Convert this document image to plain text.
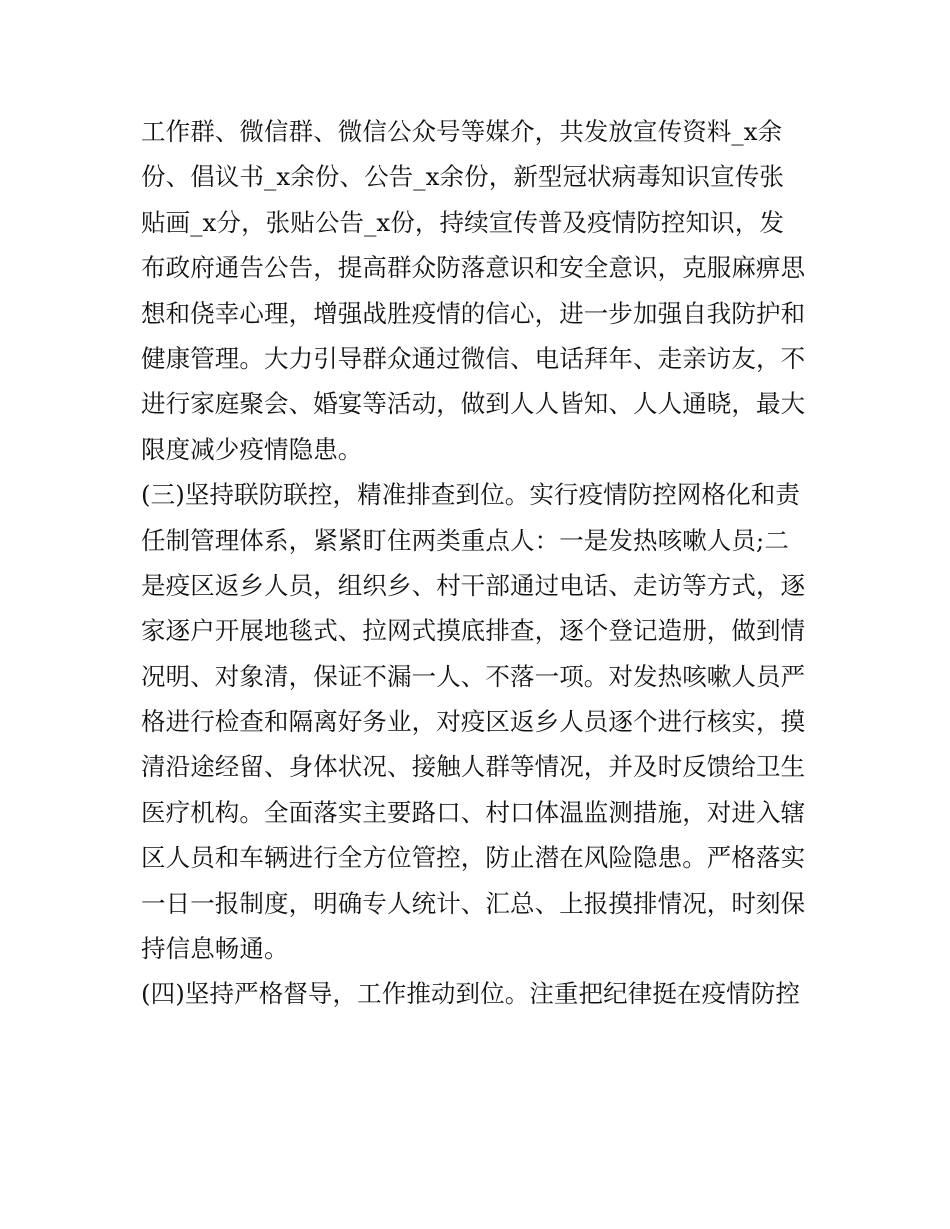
工作群、微信群、微信公众号等媒介，共发放宣传资料_x余
份、倡议书_x余份、公告_x余份，新型冠状病毒知识宣传张
贴画_x分，张贴公告_x份，持续宣传普及疫情防控知识，发
布政府通告公告，提高群众防落意识和安全意识，克服麻痹思
想和侥幸心理，增强战胜疫情的信心，进一步加强自我防护和
健康管理。大力引导群众通过微信、电话拜年、走亲访友，不
进行家庭聚会、婚宴等活动，做到人人皆知、人人通晓，最大
限度减少疫情隐患。
(三)坚持联防联控，精准排查到位。实行疫情防控网格化和责
任制管理体系，紧紧盯住两类重点人：一是发热咳嗽人员;二
是疫区返乡人员，组织乡、村干部通过电话、走访等方式，逐
家逐户开展地毯式、拉网式摸底排查，逐个登记造册，做到情
况明、对象清，保证不漏一人、不落一项。对发热咳嗽人员严
格进行检查和隔离好务业，对疫区返乡人员逐个进行核实，摸
清沿途经留、身体状况、接触人群等情况，并及时反馈给卫生
医疗机构。全面落实主要路口、村口体温监测措施，对进入辖
区人员和车辆进行全方位管控，防止潜在风险隐患。严格落实
一日一报制度，明确专人统计、汇总、上报摸排情况，时刻保
持信息畅通。
(四)坚持严格督导，工作推动到位。注重把纪律挺在疫情防控
